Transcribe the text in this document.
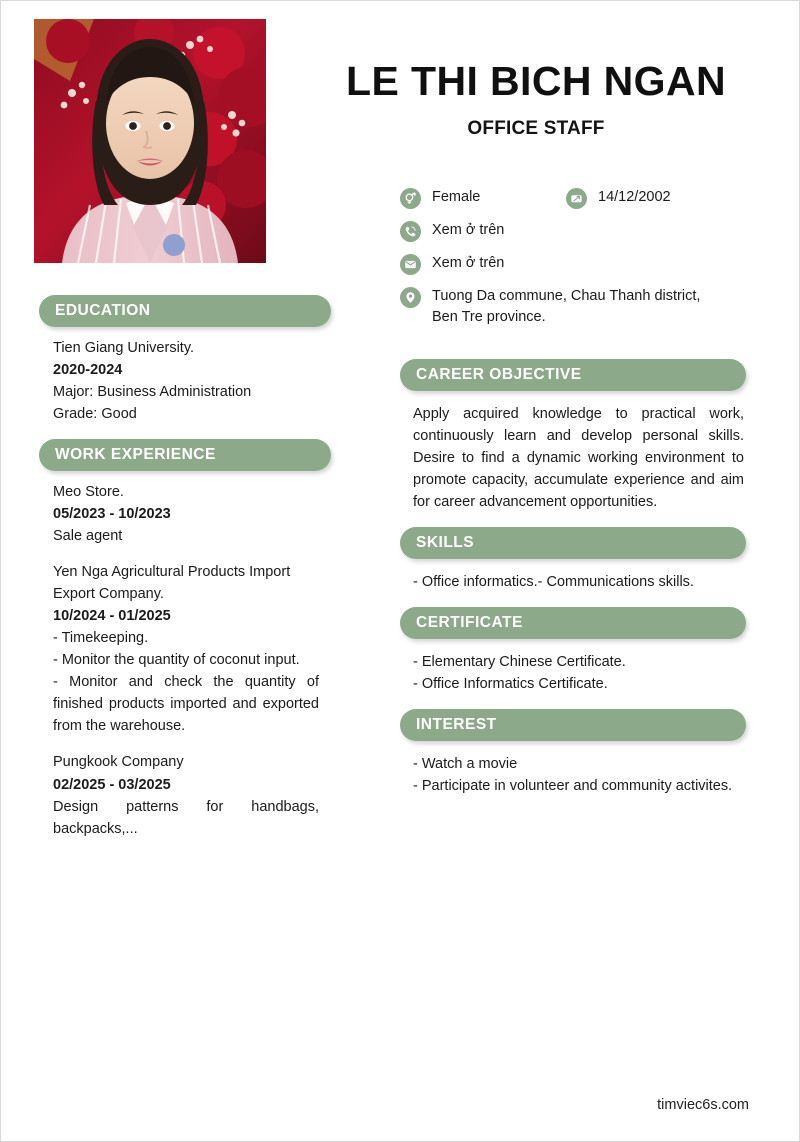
LE THI BICH NGAN
OFFICE STAFF
Female	14/12/2002
Xem ở trên
Xem ở trên
Tuong Da commune, Chau Thanh district,
Ben Tre province.
EDUCATION
Tien Giang University.
2020-2024
Major: Business Administration
Grade: Good
WORK EXPERIENCE
Meo Store.
05/2023 - 10/2023
Sale agent
Yen Nga Agricultural Products Import Export Company.
10/2024 - 01/2025
- Timekeeping.
- Monitor the quantity of coconut input.
- Monitor and check the quantity of finished products imported and exported from the warehouse.
Pungkook Company
02/2025 - 03/2025
Design patterns for handbags, backpacks,...
CAREER OBJECTIVE
Apply acquired knowledge to practical work, continuously learn and develop personal skills. Desire to find a dynamic working environment to promote capacity, accumulate experience and aim for career advancement opportunities.
SKILLS
- Office informatics.- Communications skills.
CERTIFICATE
- Elementary Chinese Certificate.
- Office Informatics Certificate.
INTEREST
- Watch a movie
- Participate in volunteer and community activites.
timviec6s.com
